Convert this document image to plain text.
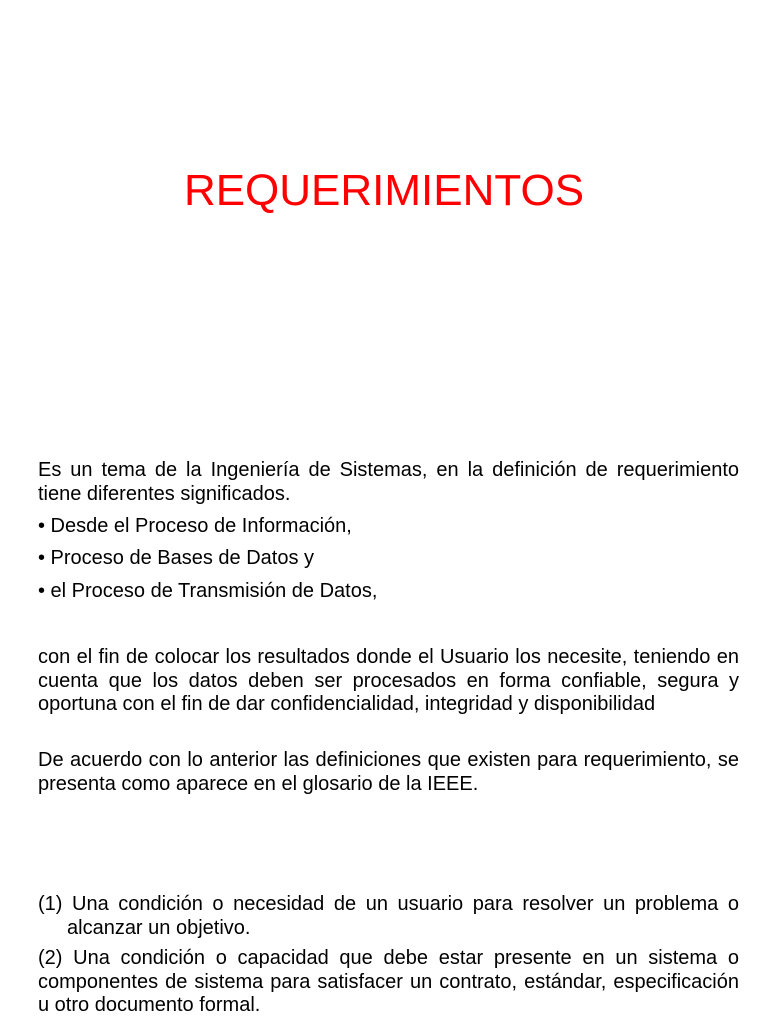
REQUERIMIENTOS

Es un tema de la Ingeniería de Sistemas, en la definición de requerimiento tiene diferentes significados.

• Desde el Proceso de Información,

• Proceso de Bases de Datos y

• el Proceso de Transmisión de Datos,

con el fin de colocar los resultados donde el Usuario los necesite, teniendo en cuenta que los datos deben ser procesados en forma confiable, segura y oportuna con el fin de dar confidencialidad, integridad y disponibilidad

De acuerdo con lo anterior las definiciones que existen para requerimiento, se presenta como aparece en el glosario de la IEEE.

(1) Una condición o necesidad de un usuario para resolver un problema o alcanzar un objetivo.

(2) Una condición o capacidad que debe estar presente en un sistema o componentes de sistema para satisfacer un contrato, estándar, especificación u otro documento formal.
